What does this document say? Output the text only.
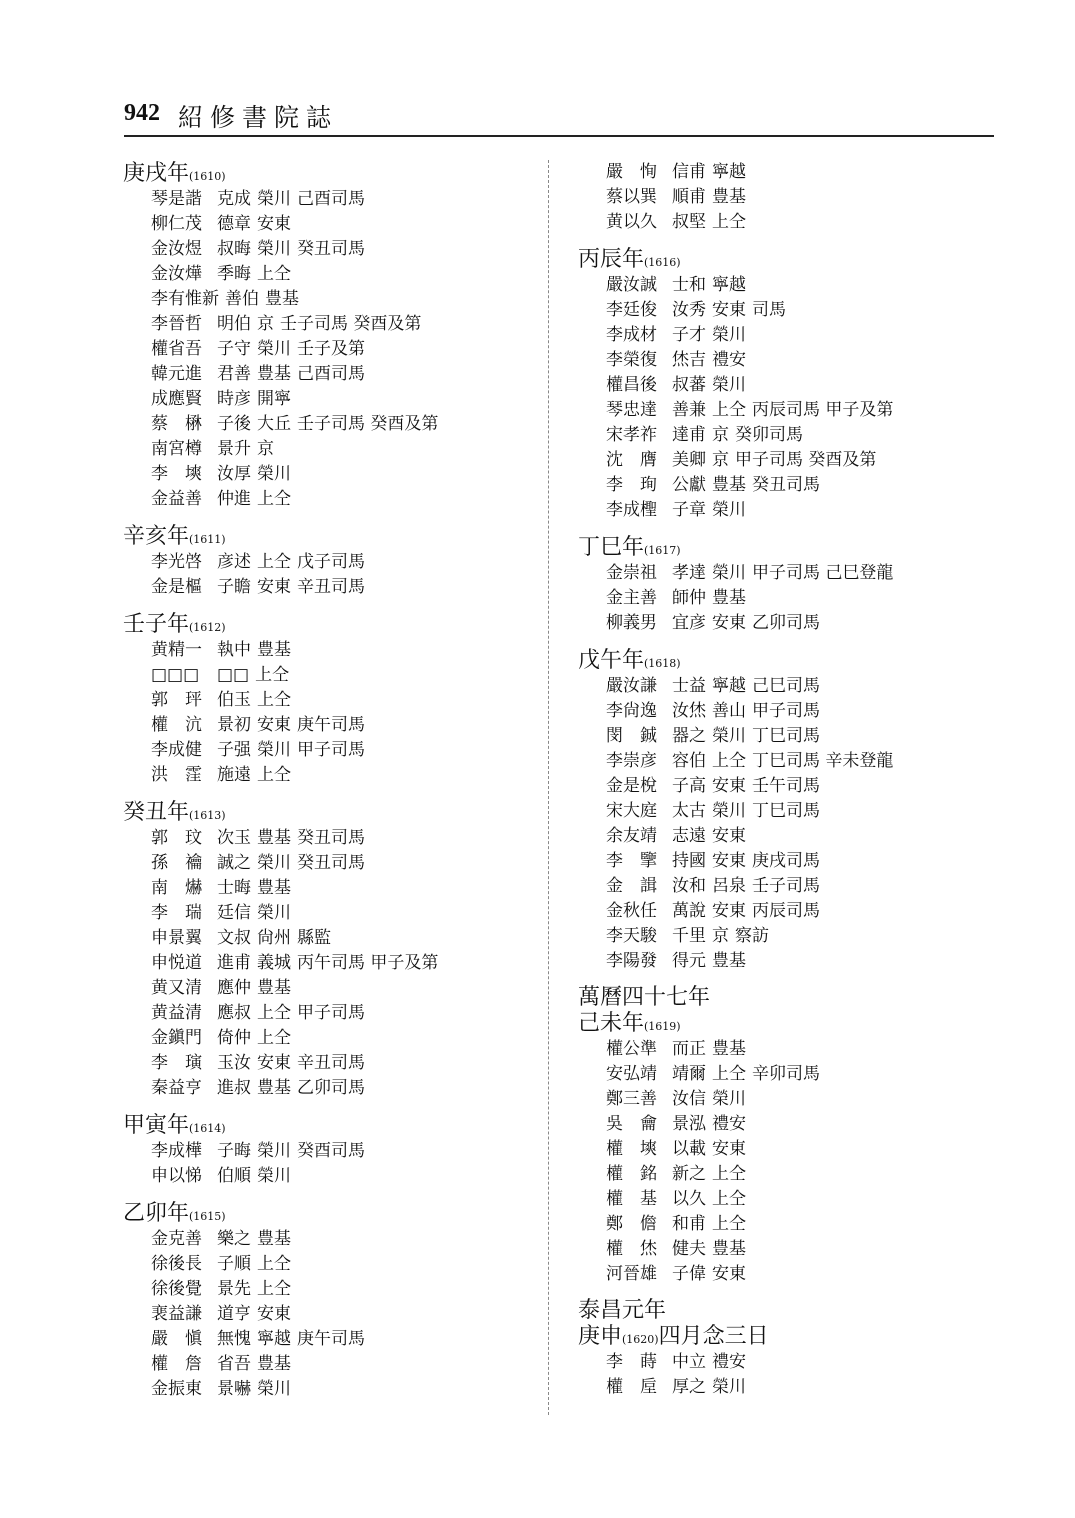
942 紹修書院誌
庚戌年(1610)
琴是諧 克成 榮川 己酉司馬
柳仁茂 德章 安東
金汝煜 叔晦 榮川 癸丑司馬
金汝燁 季晦 上仝
李有惟新 善伯 豊基
李晉哲 明伯 京 壬子司馬 癸酉及第
權省吾 子守 榮川 壬子及第
韓元進 君善 豊基 己酉司馬
成應賢 時彦 開寧
蔡　楙 子後 大丘 壬子司馬 癸酉及第
南宮樽 景升 京
李　塽 汝厚 榮川
金益善 仲進 上仝
辛亥年(1611)
李光啓 彦述 上仝 戊子司馬
金是樞 子瞻 安東 辛丑司馬
壬子年(1612)
黄精一 執中 豊基
□□□ □□ 上仝
郭　玶 伯玉 上仝
權　沆 景初 安東 庚午司馬
李成健 子强 榮川 甲子司馬
洪　霔 施遠 上仝
癸丑年(1613)
郭　玟 次玉 豊基 癸丑司馬
孫　禴 誠之 榮川 癸丑司馬
南　爀 士晦 豊基
李　瑞 廷信 榮川
申景翼 文叔 尙州 縣監
申悦道 進甫 義城 丙午司馬 甲子及第
黄又清 應仲 豊基
黄益清 應叔 上仝 甲子司馬
金鎭門 倚仲 上仝
李　璌 玉汝 安東 辛丑司馬
秦益亨 進叔 豊基 乙卯司馬
甲寅年(1614)
李成樺 子晦 榮川 癸酉司馬
申以悌 伯順 榮川
乙卯年(1615)
金克善 樂之 豊基
徐後長 子順 上仝
徐後覺 景先 上仝
裵益謙 道亨 安東
嚴　愼 無愧 寧越 庚午司馬
權　詹 省吾 豊基
金振東 景嚇 榮川
嚴　恂 信甫 寧越
蔡以巽 順甫 豊基
黄以久 叔堅 上仝
丙辰年(1616)
嚴汝誠 士和 寧越
李廷俊 汝秀 安東 司馬
李成材 子才 榮川
李榮復 烋吉 禮安
權昌後 叔蕃 榮川
琴忠達 善兼 上仝 丙辰司馬 甲子及第
宋孝祚 達甫 京 癸卯司馬
沈　膺 美卿 京 甲子司馬 癸酉及第
李　珣 公獻 豊基 癸丑司馬
李成檉 子章 榮川
丁巳年(1617)
金崇祖 孝達 榮川 甲子司馬 己巳登龍
金主善 師仲 豊基
柳義男 宜彦 安東 乙卯司馬
戊午年(1618)
嚴汝謙 士益 寧越 己巳司馬
李尙逸 汝烋 善山 甲子司馬
閔　鋮 器之 榮川 丁巳司馬
李崇彦 容伯 上仝 丁巳司馬 辛未登龍
金是梲 子高 安東 壬午司馬
宋大庭 太古 榮川 丁巳司馬
余友靖 志遠 安東
李　擥 持國 安東 庚戌司馬
金　諿 汝和 呂泉 壬子司馬
金秋任 萬說 安東 丙辰司馬
李天駿 千里 京 察訪
李陽發 得元 豊基
萬曆四十七年
己未年(1619)
權公準 而正 豊基
安弘靖 靖爾 上仝 辛卯司馬
鄭三善 汝信 榮川
吳　龠 景泓 禮安
權　塽 以載 安東
權　銘 新之 上仝
權　基 以久 上仝
鄭　儋 和甫 上仝
權　烋 健夫 豊基
河晉雄 子偉 安東
泰昌元年
庚申(1620)四月念三日
李　蒔 中立 禮安
權　垕 厚之 榮川
